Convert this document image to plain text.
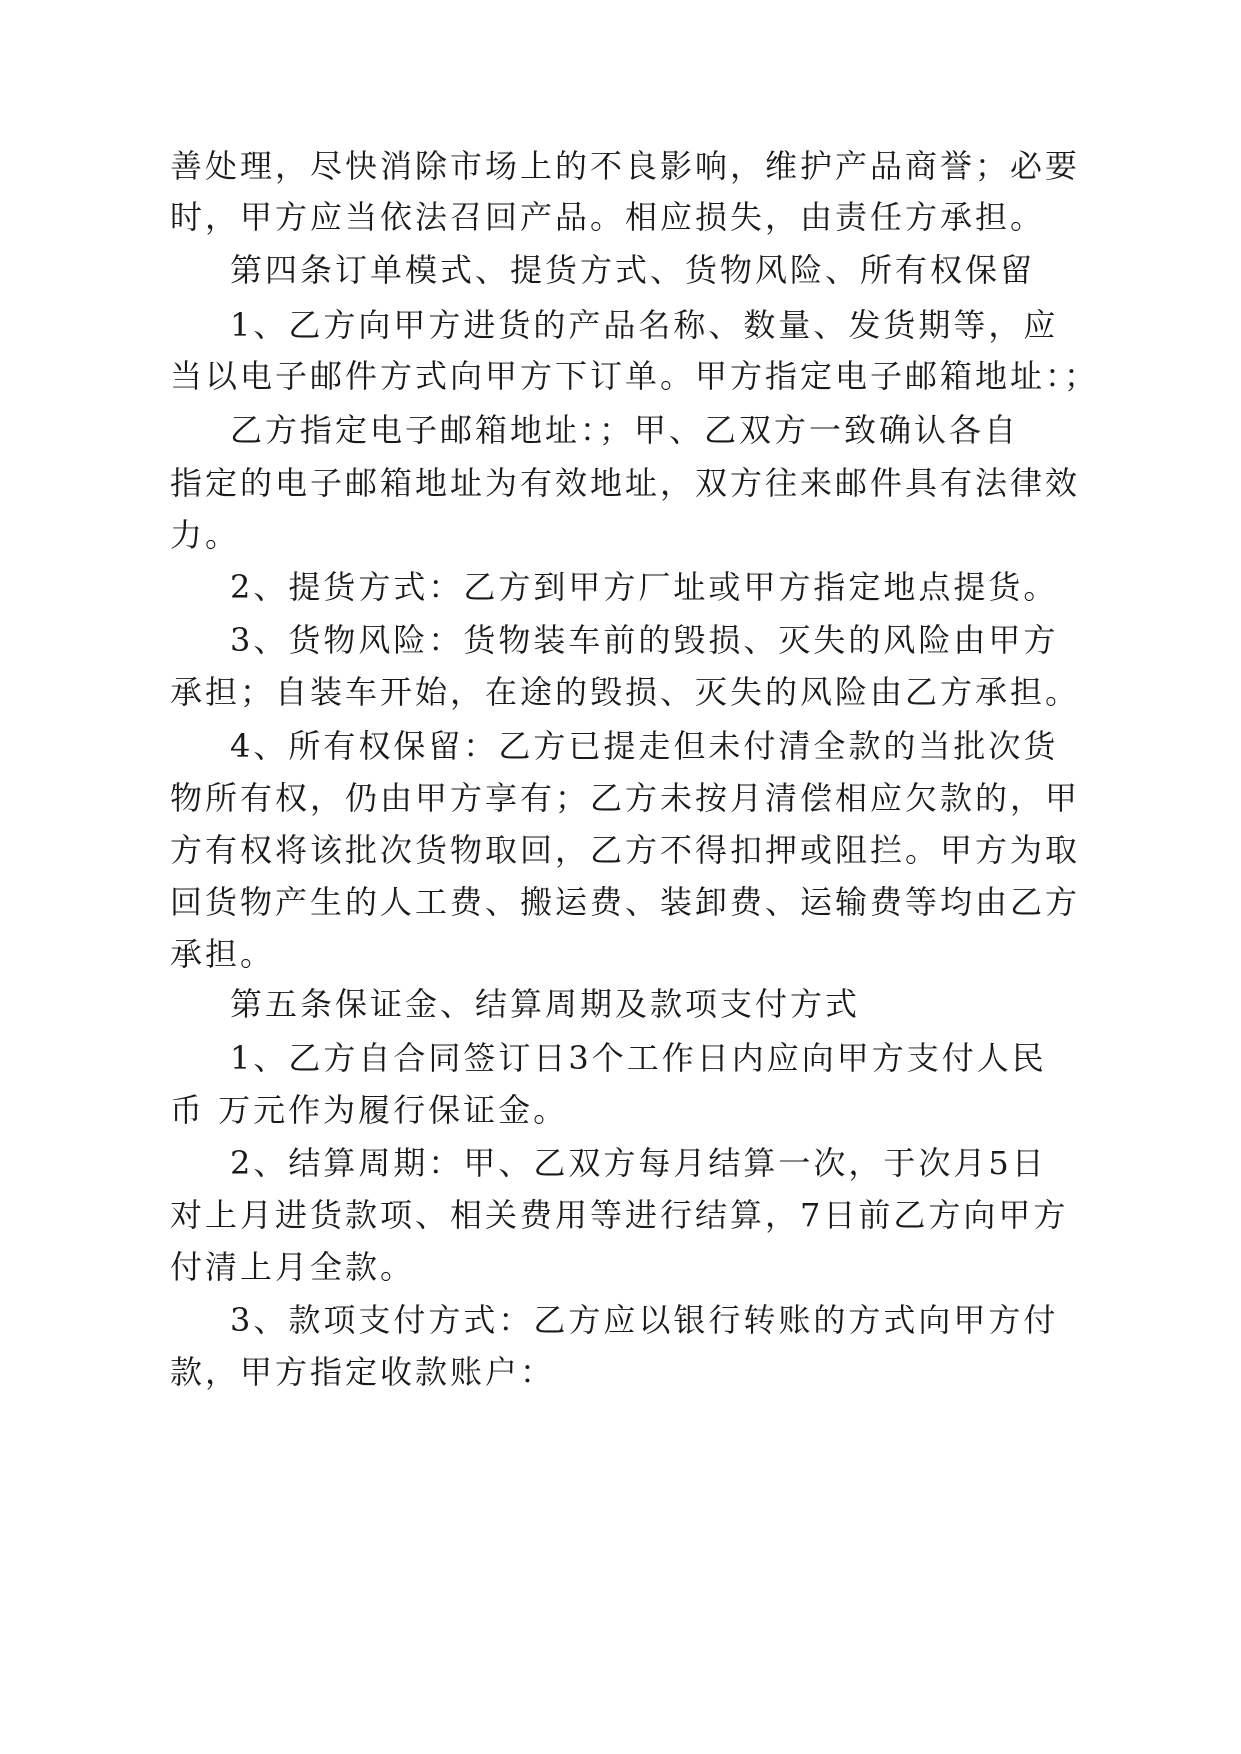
善处理，尽快消除市场上的不良影响，维护产品商誉；必要
时，甲方应当依法召回产品。相应损失，由责任方承担。
第四条订单模式、提货方式、货物风险、所有权保留
1、乙方向甲方进货的产品名称、数量、发货期等，应
当以电子邮件方式向甲方下订单。甲方指定电子邮箱地址：；
乙方指定电子邮箱地址：；甲、乙双方一致确认各自
指定的电子邮箱地址为有效地址，双方往来邮件具有法律效
力。
2、提货方式：乙方到甲方厂址或甲方指定地点提货。
3、货物风险：货物装车前的毁损、灭失的风险由甲方
承担；自装车开始，在途的毁损、灭失的风险由乙方承担。
4、所有权保留：乙方已提走但未付清全款的当批次货
物所有权，仍由甲方享有；乙方未按月清偿相应欠款的，甲
方有权将该批次货物取回，乙方不得扣押或阻拦。甲方为取
回货物产生的人工费、搬运费、装卸费、运输费等均由乙方
承担。
第五条保证金、结算周期及款项支付方式
1、乙方自合同签订日3个工作日内应向甲方支付人民
币 万元作为履行保证金。
2、结算周期：甲、乙双方每月结算一次，于次月5日
对上月进货款项、相关费用等进行结算，7日前乙方向甲方
付清上月全款。
3、款项支付方式：乙方应以银行转账的方式向甲方付
款，甲方指定收款账户：
